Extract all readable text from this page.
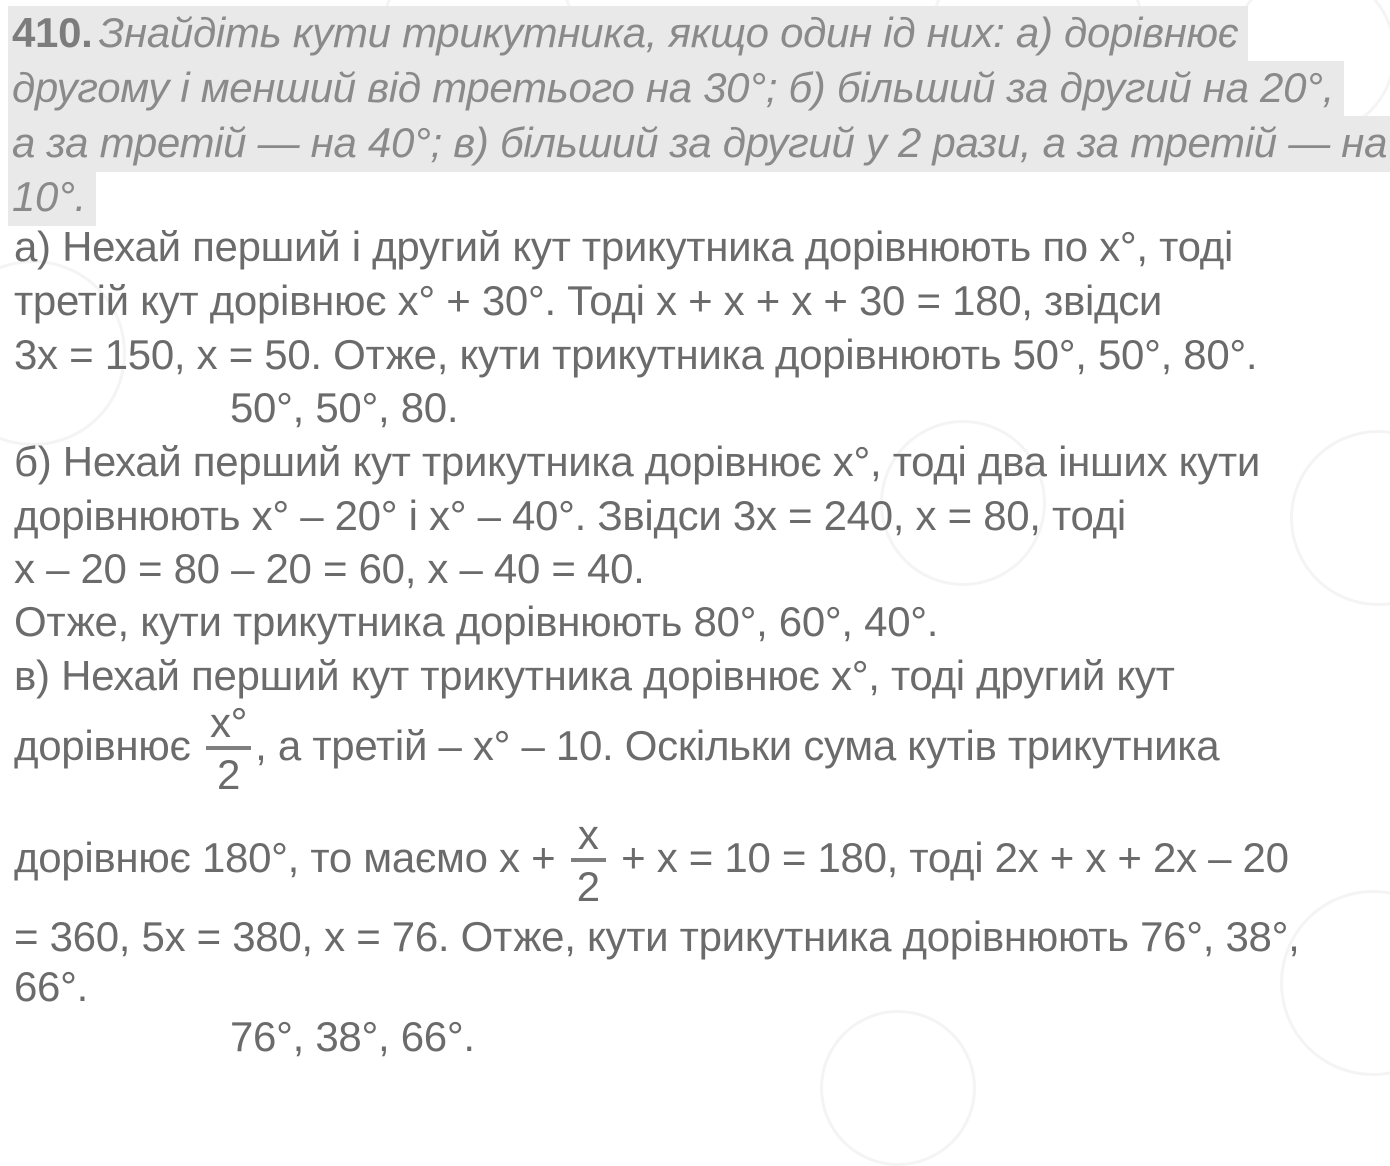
410. Знайдіть кути трикутника, якщо один ід них: а) дорівнює
другому і менший від третього на 30°; б) більший за другий на 20°,
а за третій — на 40°; в) більший за другий у 2 рази, а за третій — на
10°.
а) Нехай перший і другий кут трикутника дорівнюють по х°, тоді
третій кут дорівнює х° + 30°. Тоді х + х + х + 30 = 180, звідси
3х = 150, х = 50. Отже, кути трикутника дорівнюють 50°, 50°, 80°.
50°, 50°, 80.
б) Нехай перший кут трикутника дорівнює х°, тоді два інших кути
дорівнюють х° – 20° і х° – 40°. Звідси 3х = 240, х = 80, тоді
х – 20 = 80 – 20 = 60, х – 40 = 40.
Отже, кути трикутника дорівнюють 80°, 60°, 40°.
в) Нехай перший кут трикутника дорівнює х°, тоді другий кут
дорівнює $\frac{х^\circ}{2}$ , а третій – х° – 10. Оскільки сума кутів трикутника
дорівнює 180°, то маємо $х + \frac{х}{2} + х = 10 = 180$, тоді 2х + х + 2х – 20
= 360, 5х = 380, х = 76. Отже, кути трикутника дорівнюють 76°, 38°,
66°.
76°, 38°, 66°.
